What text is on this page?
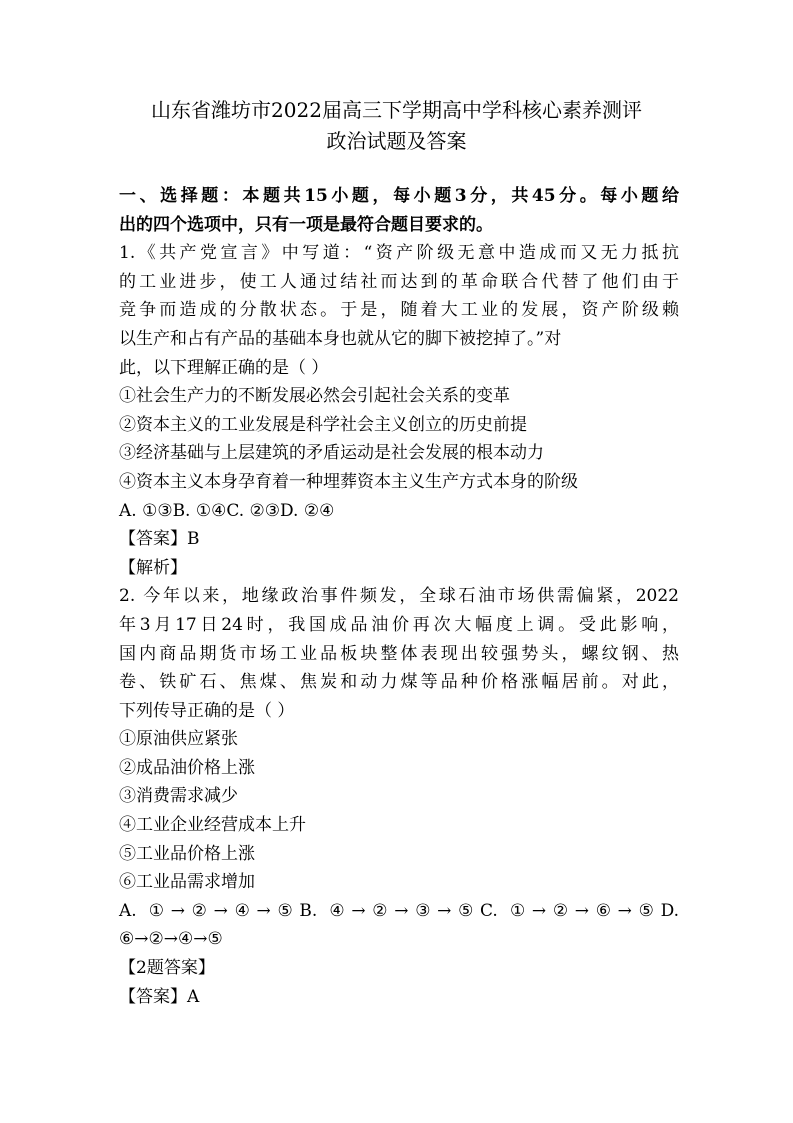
山东省潍坊市2022届高三下学期高中学科核心素养测评
政治试题及答案
一、选择题：本题共15小题，每小题3分，共45分。每小题给
出的四个选项中，只有一项是最符合题目要求的。
1.《共产党宣言》中写道：“资产阶级无意中造成而又无力抵抗
的工业进步，使工人通过结社而达到的革命联合代替了他们由于
竞争而造成的分散状态。于是，随着大工业的发展，资产阶级赖
以生产和占有产品的基础本身也就从它的脚下被挖掉了。”对
此，以下理解正确的是（ ）
①社会生产力的不断发展必然会引起社会关系的变革
②资本主义的工业发展是科学社会主义创立的历史前提
③经济基础与上层建筑的矛盾运动是社会发展的根本动力
④资本主义本身孕育着一种埋葬资本主义生产方式本身的阶级
A. ①③B. ①④C. ②③D. ②④
【答案】B
【解析】
2. 今年以来，地缘政治事件频发，全球石油市场供需偏紧，2022
年3月17日24时，我国成品油价再次大幅度上调。受此影响，
国内商品期货市场工业品板块整体表现出较强势头，螺纹钢、热
卷、铁矿石、焦煤、焦炭和动力煤等品种价格涨幅居前。对此，
下列传导正确的是（ ）
①原油供应紧张
②成品油价格上涨
③消费需求减少
④工业企业经营成本上升
⑤工业品价格上涨
⑥工业品需求增加
A. ①→②→④→⑤B. ④→②→③→⑤C. ①→②→⑥→⑤D.
⑥→②→④→⑤
【2题答案】
【答案】A
